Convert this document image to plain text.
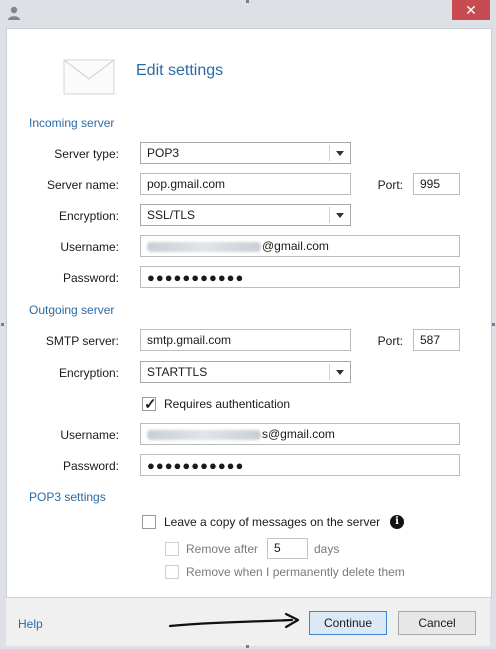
✕
Edit settings
Incoming server
Server type:	POP3
Server name:	pop.gmail.com	Port:	995
Encryption:	SSL/TLS
Username:	@gmail.com
Password:	●●●●●●●●●●●
Outgoing server
SMTP server:	smtp.gmail.com	Port:	587
Encryption:	STARTTLS
✓ Requires authentication
Username:	s@gmail.com
Password:	●●●●●●●●●●●
POP3 settings
Leave a copy of messages on the server	i
Remove after	5	days
Remove when I permanently delete them
Help	Continue	Cancel
